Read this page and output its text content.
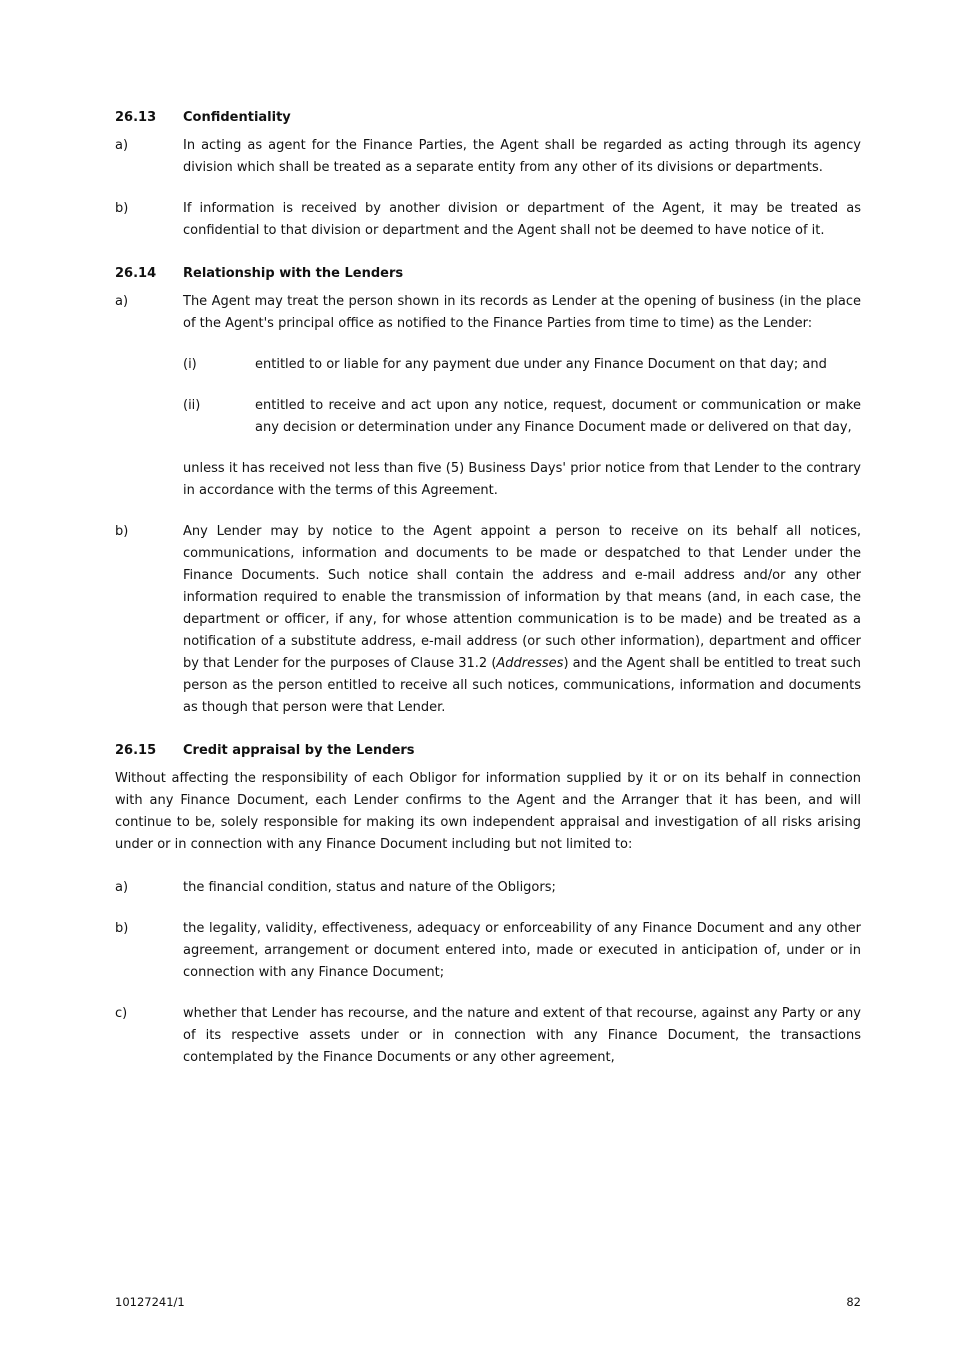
26.13	Confidentiality
a)	In acting as agent for the Finance Parties, the Agent shall be regarded as acting through its agency division which shall be treated as a separate entity from any other of its divisions or departments.
b)	If information is received by another division or department of the Agent, it may be treated as confidential to that division or department and the Agent shall not be deemed to have notice of it.
26.14	Relationship with the Lenders
a)	The Agent may treat the person shown in its records as Lender at the opening of business (in the place of the Agent's principal office as notified to the Finance Parties from time to time) as the Lender:
(i)	entitled to or liable for any payment due under any Finance Document on that day; and
(ii)	entitled to receive and act upon any notice, request, document or communication or make any decision or determination under any Finance Document made or delivered on that day,
unless it has received not less than five (5) Business Days' prior notice from that Lender to the contrary in accordance with the terms of this Agreement.
b)	Any Lender may by notice to the Agent appoint a person to receive on its behalf all notices, communications, information and documents to be made or despatched to that Lender under the Finance Documents. Such notice shall contain the address and e-mail address and/or any other information required to enable the transmission of information by that means (and, in each case, the department or officer, if any, for whose attention communication is to be made) and be treated as a notification of a substitute address, e-mail address (or such other information), department and officer by that Lender for the purposes of Clause 31.2 (Addresses) and the Agent shall be entitled to treat such person as the person entitled to receive all such notices, communications, information and documents as though that person were that Lender.
26.15	Credit appraisal by the Lenders
Without affecting the responsibility of each Obligor for information supplied by it or on its behalf in connection with any Finance Document, each Lender confirms to the Agent and the Arranger that it has been, and will continue to be, solely responsible for making its own independent appraisal and investigation of all risks arising under or in connection with any Finance Document including but not limited to:
a)	the financial condition, status and nature of the Obligors;
b)	the legality, validity, effectiveness, adequacy or enforceability of any Finance Document and any other agreement, arrangement or document entered into, made or executed in anticipation of, under or in connection with any Finance Document;
c)	whether that Lender has recourse, and the nature and extent of that recourse, against any Party or any of its respective assets under or in connection with any Finance Document, the transactions contemplated by the Finance Documents or any other agreement,
10127241/1	82
